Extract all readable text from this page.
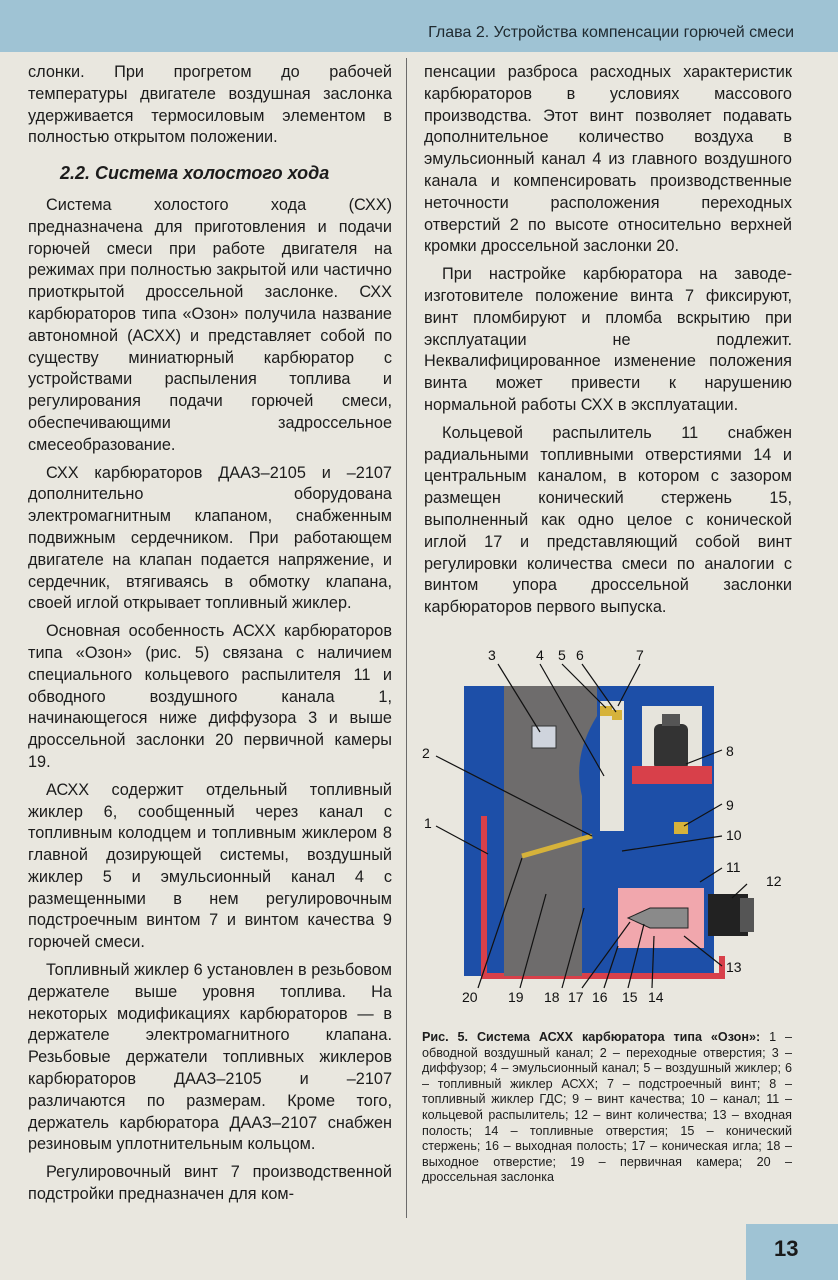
Глава 2. Устройства компенсации горючей смеси

слонки. При прогретом до рабочей температуры двигателе воздушная заслонка удерживается термосиловым элементом в полностью открытом положении.

2.2. Система холостого хода

Система холостого хода (СХХ) предназначена для приготовления и подачи горючей смеси при работе двигателя на режимах при полностью закрытой или частично приоткрытой дроссельной заслонке. СХХ карбюраторов типа «Озон» получила название автономной (АСХХ) и представляет собой по существу миниатюрный карбюратор с устройствами распыления топлива и регулирования подачи горючей смеси, обеспечивающими задроссельное смесеобразование.

СХХ карбюраторов ДААЗ–2105 и –2107 дополнительно оборудована электромагнитным клапаном, снабженным подвижным сердечником. При работающем двигателе на клапан подается напряжение, и сердечник, втягиваясь в обмотку клапана, своей иглой открывает топливный жиклер.

Основная особенность АСХХ карбюраторов типа «Озон» (рис. 5) связана с наличием специального кольцевого распылителя 11 и обводного воздушного канала 1, начинающегося ниже диффузора 3 и выше дроссельной заслонки 20 первичной камеры 19.

АСХХ содержит отдельный топливный жиклер 6, сообщенный через канал с топливным колодцем и топливным жиклером 8 главной дозирующей системы, воздушный жиклер 5 и эмульсионный канал 4 с размещенными в нем регулировочным подстроечным винтом 7 и винтом качества 9 горючей смеси.

Топливный жиклер 6 установлен в резьбовом держателе выше уровня топлива. На некоторых модификациях карбюраторов — в держателе электромагнитного клапана. Резьбовые держатели топливных жиклеров карбюраторов ДААЗ–2105 и –2107 различаются по размерам. Кроме того, держатель карбюратора ДААЗ–2107 снабжен резиновым уплотнительным кольцом.

Регулировочный винт 7 производственной подстройки предназначен для ком-

пенсации разброса расходных характеристик карбюраторов в условиях массового производства. Этот винт позволяет подавать дополнительное количество воздуха в эмульсионный канал 4 из главного воздушного канала и компенсировать производственные неточности расположения переходных отверстий 2 по высоте относительно верхней кромки дроссельной заслонки 20.

При настройке карбюратора на заводе-изготовителе положение винта 7 фиксируют, винт пломбируют и пломба вскрытию при эксплуатации не подлежит. Неквалифицированное изменение положения винта может привести к нарушению нормальной работы СХХ в эксплуатации.

Кольцевой распылитель 11 снабжен радиальными топливными отверстиями 14 и центральным каналом, в котором с зазором размещен конический стержень 15, выполненный как одно целое с конической иглой 17 и представляющий собой винт регулировки количества смеси по аналогии с винтом упора дроссельной заслонки карбюраторов первого выпуска.

3	4 5 6	7
8
9
10
11
12
13
2
1
20 19 18 17 16 15 14
Рис. 5. Система АСХХ карбюратора типа «Озон»: 1 – обводной воздушный канал; 2 – переходные отверстия; 3 – диффузор; 4 – эмульсионный канал; 5 – воздушный жиклер; 6 – топливный жиклер АСХХ; 7 – подстроечный винт; 8 – топливный жиклер ГДС; 9 – винт качества; 10 – канал; 11 – кольцевой распылитель; 12 – винт количества; 13 – входная полость; 14 – топливные отверстия; 15 – конический стержень; 16 – выходная полость; 17 – коническая игла; 18 – выходное отверстие; 19 – первичная камера; 20 – дроссельная заслонка
13
